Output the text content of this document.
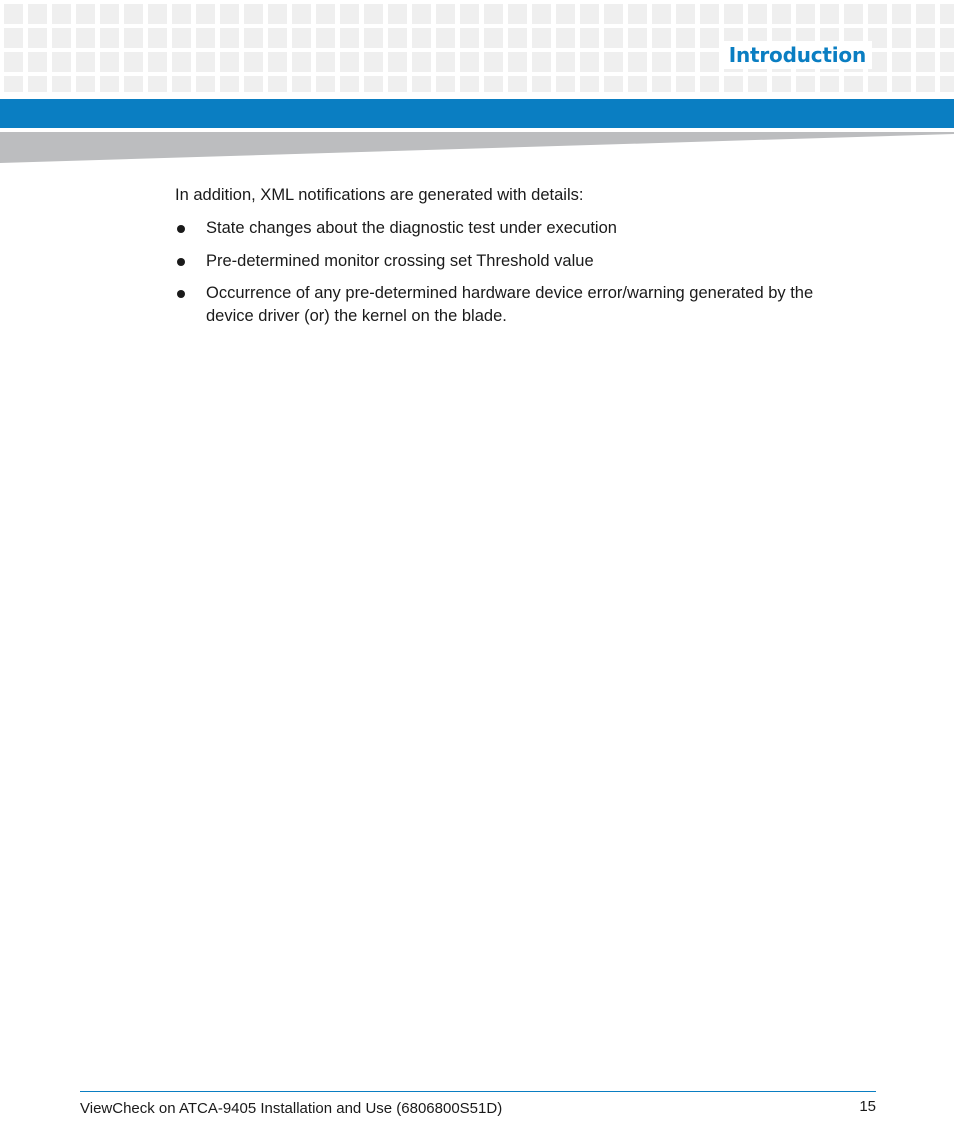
Introduction

In addition, XML notifications are generated with details:

State changes about the diagnostic test under execution
Pre-determined monitor crossing set Threshold value
Occurrence of any pre-determined hardware device error/warning generated by the device driver (or) the kernel on the blade.
ViewCheck on ATCA-9405 Installation and Use (6806800S51D)	15
